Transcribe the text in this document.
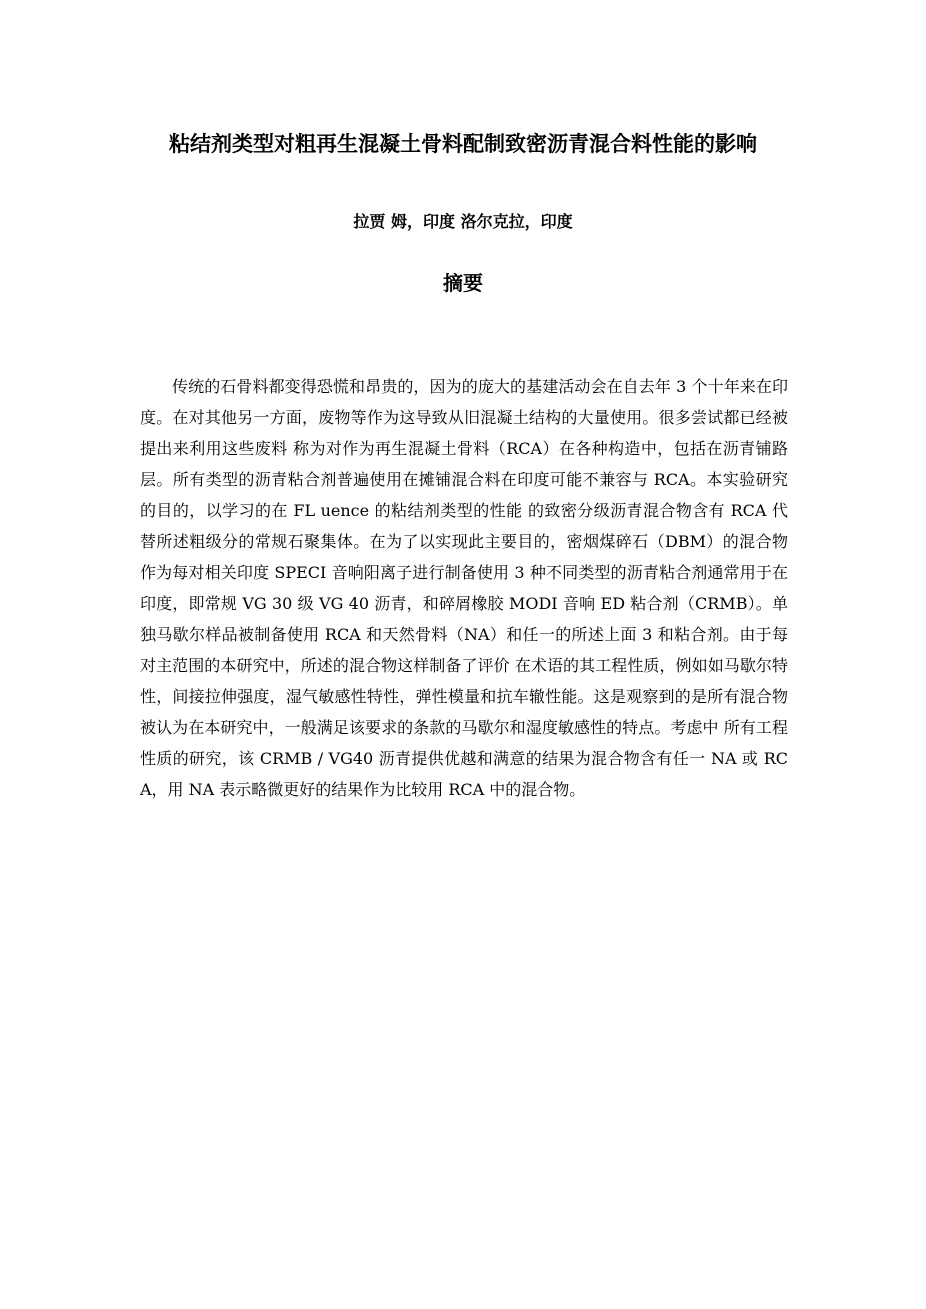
粘结剂类型对粗再生混凝土骨料配制致密沥青混合料性能的影响
拉贾 姆，印度 洛尔克拉，印度
摘要

传统的石骨料都变得恐慌和昂贵的，因为的庞大的基建活动会在自去年 3 个十年来在印度。在对其他另一方面，废物等作为这导致从旧混凝土结构的大量使用。很多尝试都已经被提出来利用这些废料 称为对作为再生混凝土骨料（RCA）在各种构造中，包括在沥青铺路层。所有类型的沥青粘合剂普遍使用在摊铺混合料在印度可能不兼容与 RCA。本实验研究的目的，以学习的在 FL uence 的粘结剂类型的性能 的致密分级沥青混合物含有 RCA 代替所述粗级分的常规石聚集体。在为了以实现此主要目的，密烟煤碎石（DBM）的混合物作为每对相关印度 SPECI 音响阳离子进行制备使用 3 种不同类型的沥青粘合剂通常用于在 印度，即常规 VG 30 级 VG 40 沥青，和碎屑橡胶 MODI 音响 ED 粘合剂（CRMB）。单独马歇尔样品被制备使用 RCA 和天然骨料（NA）和任一的所述上面 3 和粘合剂。由于每对主范围的本研究中，所述的混合物这样制备了评价 在术语的其工程性质，例如如马歇尔特性，间接拉伸强度，湿气敏感性特性，弹性模量和抗车辙性能。这是观察到的是所有混合物被认为在本研究中，一般满足该要求的条款的马歇尔和湿度敏感性的特点。考虑中 所有工程性质的研究，该 CRMB / VG40 沥青提供优越和满意的结果为混合物含有任一 NA 或 RCA，用 NA 表示略微更好的结果作为比较用 RCA 中的混合物。
